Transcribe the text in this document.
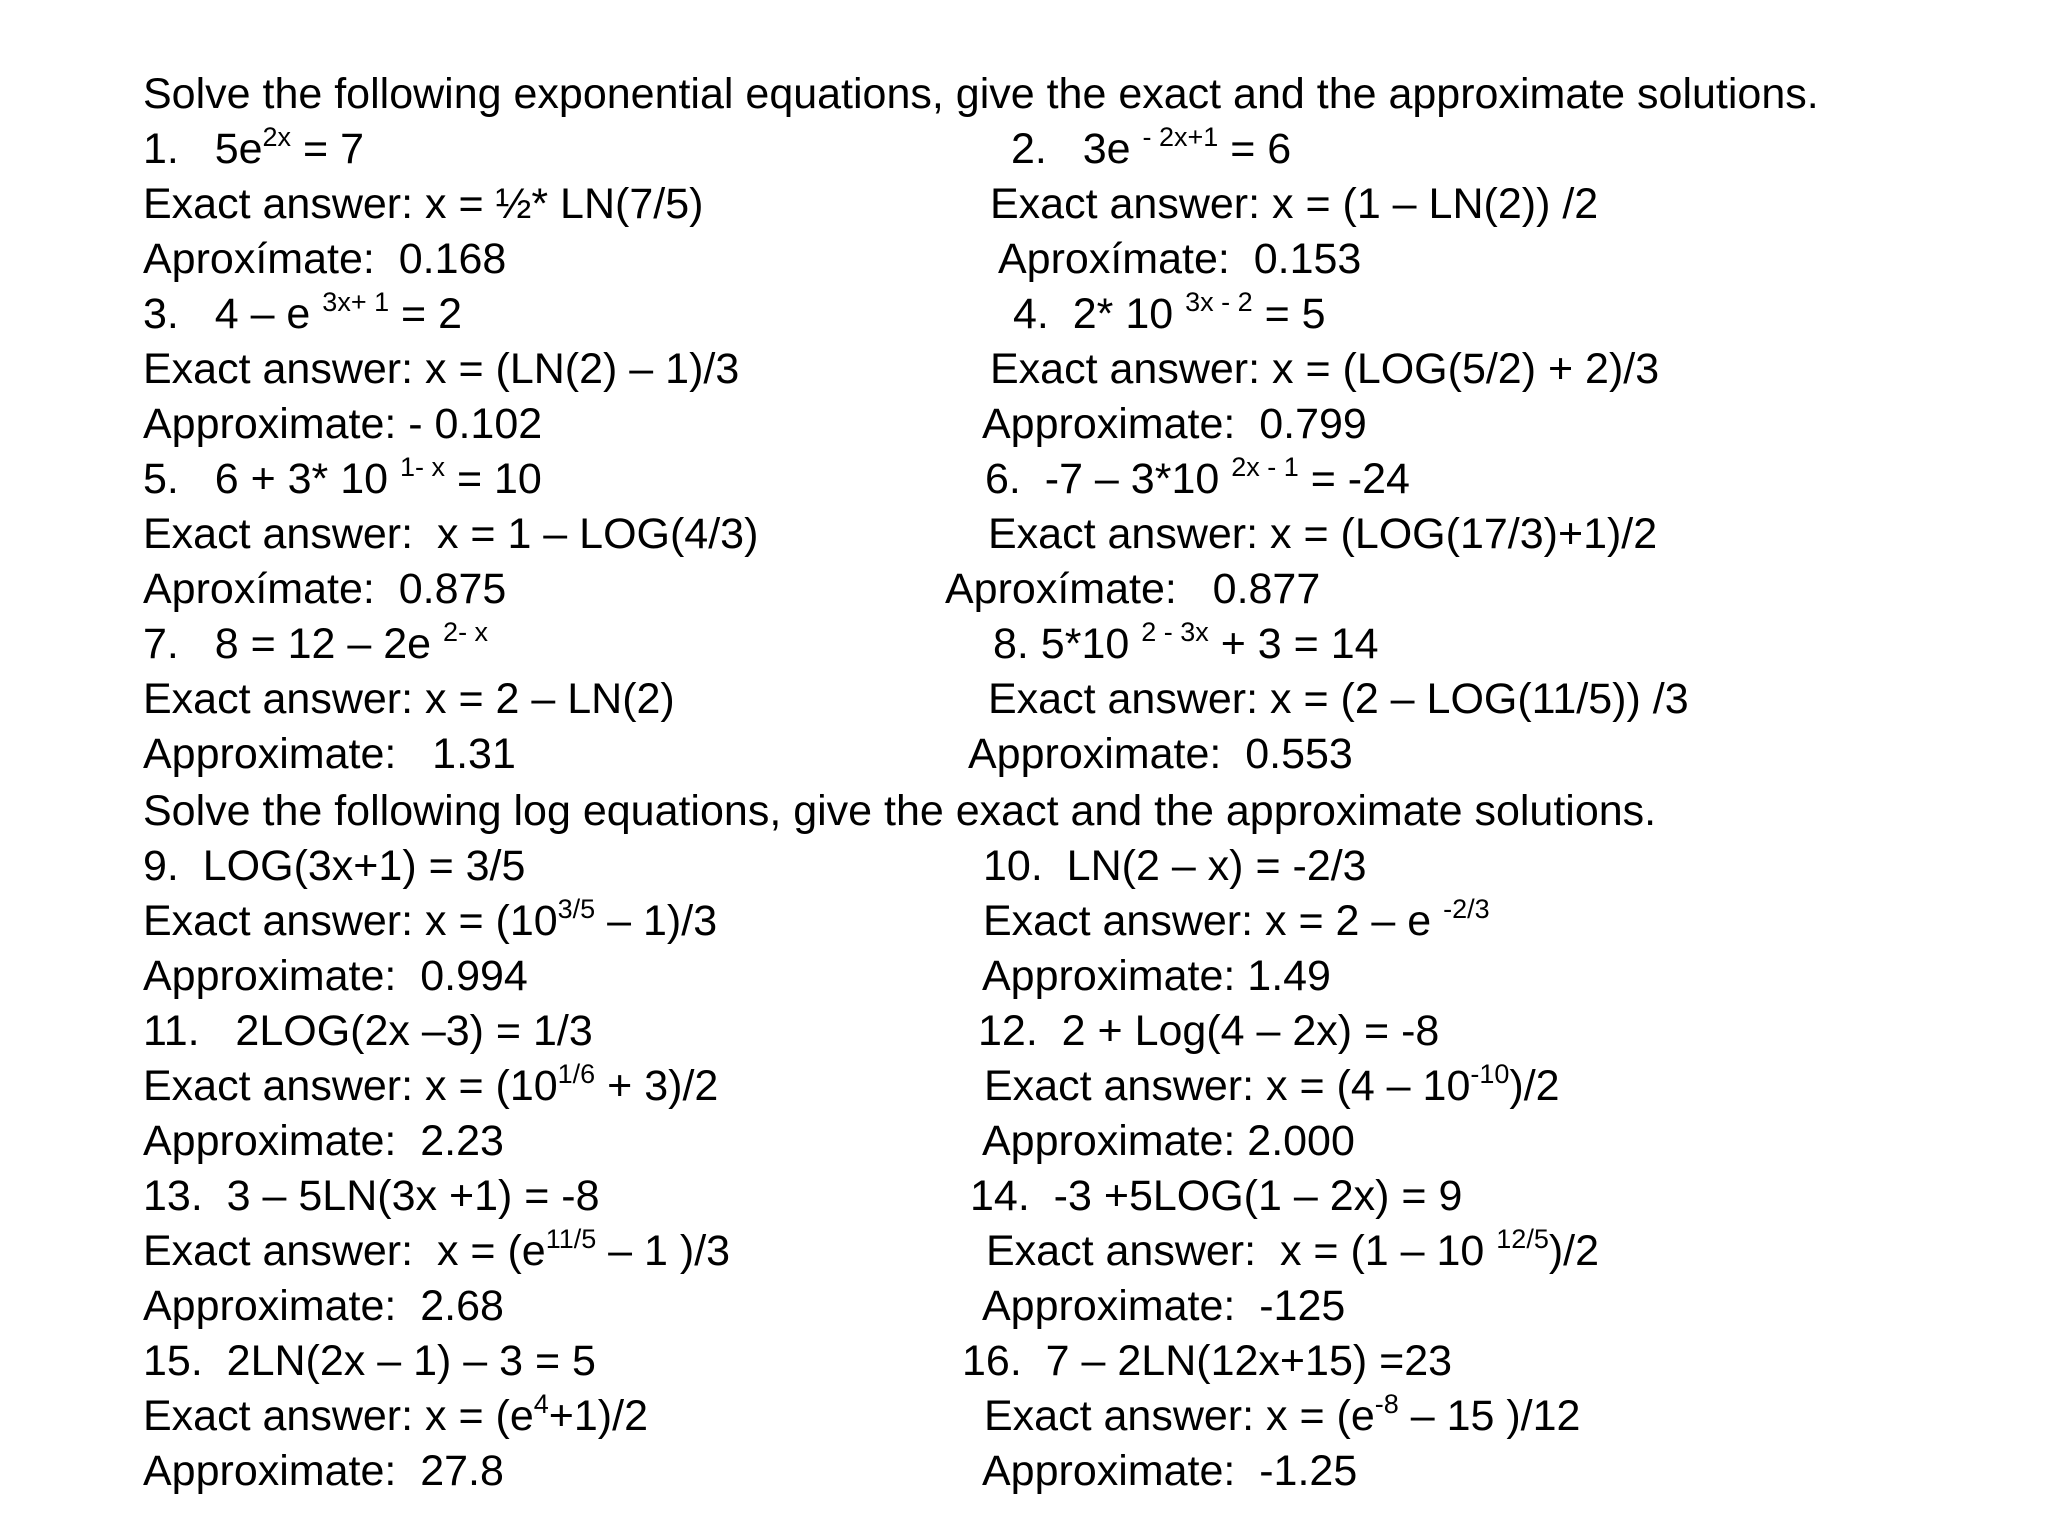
Solve the following exponential equations, give the exact and the approximate solutions.
Solve the following log equations, give the exact and the approximate solutions.
1.   $5e^{2x} = 7$
Exact answer: x = ½* LN(7/5)
Aproxímate:  0.168
3.   4 – e $^{3x+ 1}$ = 2
Exact answer: x = (LN(2) – 1)/3
Approximate: - 0.102
5.   6 + 3* 10 $^{1- x}$ = 10
Exact answer:  x = 1 – LOG(4/3)
Aproxímate:  0.875
7.   8 = 12 – 2e $^{2- x}$
Exact answer: x = 2 – LN(2)
Approximate:   1.31
9.  LOG(3x+1) = 3/5
Exact answer: $x = (10^{3/5} - 1)/3$
Approximate:  0.994
11.   2LOG(2x –3) = 1/3
Exact answer: $x = (10^{1/6} + 3)/2$
Approximate:  2.23
13.  3 – 5LN(3x +1) = -8
Exact answer:  $x = (e^{11/5} - 1$ )/3
Approximate:  2.68
15.  2LN(2x – 1) – 3 = 5
Exact answer: $x = (e^4+1)/2$
Approximate:  27.8
2.   3e $^{- 2x+1}$ = 6
Exact answer: x = (1 – LN(2)) /2
Aproxímate:  0.153
4.  2* 10 $^{3x - 2}$ = 5
Exact answer: x = (LOG(5/2) + 2)/3
Approximate:  0.799
6.  -7 – 3*10 $^{2x - 1}$ = -24
Exact answer: x = (LOG(17/3)+1)/2
Aproxímate:   0.877
8. 5*10 $^{2 - 3x}$ + 3 = 14
Exact answer: x = (2 – LOG(11/5)) /3
Approximate:  0.553
10.  LN(2 – x) = -2/3
Exact answer: x = 2 – e $^{-2/3}$
Approximate: 1.49
12.  2 + Log(4 – 2x) = -8
Exact answer: $x = (4 - 10^{-10})/2$
Approximate: 2.000
14.  -3 +5LOG(1 – 2x) = 9
Exact answer:  x = (1 – 10 $^{12/5}$)/2
Approximate:  -125
16.  7 – 2LN(12x+15) =23
Exact answer: $x = (e^{-8} - 15$ )/12
Approximate:  -1.25
